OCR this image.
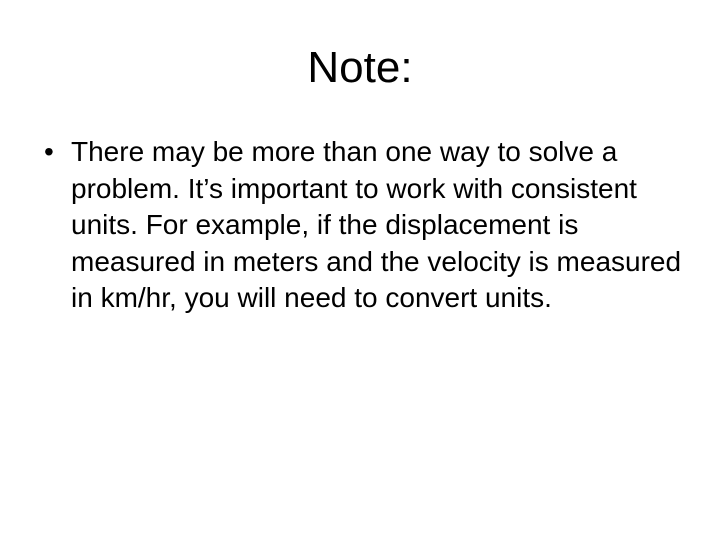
Note:
• There may be more than one way to solve a problem. It’s important to work with consistent units. For example, if the displacement is measured in meters and the velocity is measured in km/hr, you will need to convert units.
